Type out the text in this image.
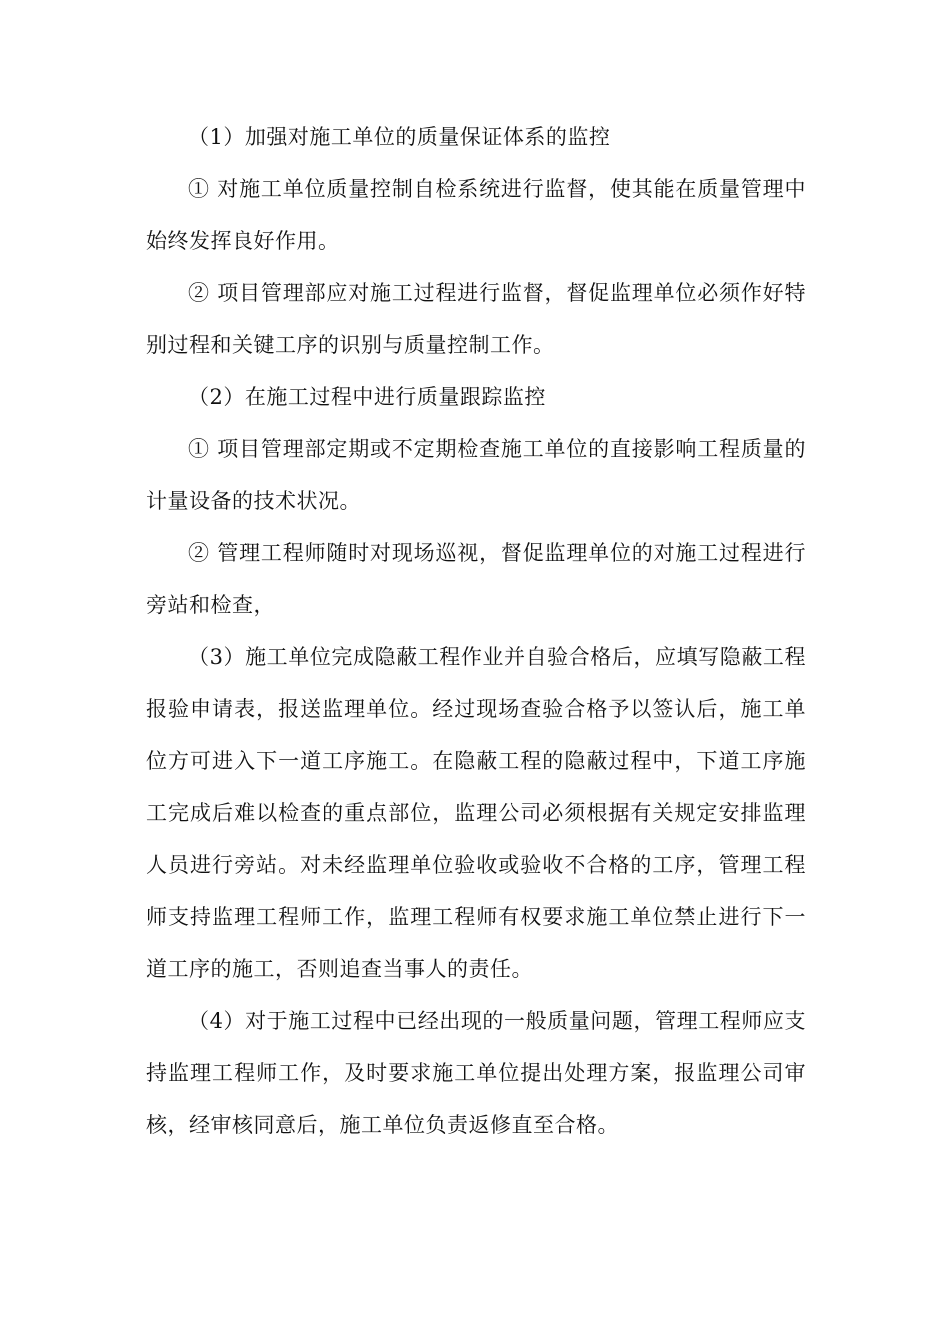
（1）加强对施工单位的质量保证体系的监控

① 对施工单位质量控制自检系统进行监督，使其能在质量管理中始终发挥良好作用。

② 项目管理部应对施工过程进行监督，督促监理单位必须作好特别过程和关键工序的识别与质量控制工作。

（2）在施工过程中进行质量跟踪监控

① 项目管理部定期或不定期检查施工单位的直接影响工程质量的计量设备的技术状况。

② 管理工程师随时对现场巡视，督促监理单位的对施工过程进行旁站和检查，

（3）施工单位完成隐蔽工程作业并自验合格后，应填写隐蔽工程报验申请表，报送监理单位。经过现场查验合格予以签认后，施工单位方可进入下一道工序施工。在隐蔽工程的隐蔽过程中，下道工序施工完成后难以检查的重点部位，监理公司必须根据有关规定安排监理人员进行旁站。对未经监理单位验收或验收不合格的工序，管理工程师支持监理工程师工作，监理工程师有权要求施工单位禁止进行下一道工序的施工，否则追查当事人的责任。

（4）对于施工过程中已经出现的一般质量问题，管理工程师应支持监理工程师工作，及时要求施工单位提出处理方案，报监理公司审核，经审核同意后，施工单位负责返修直至合格。
